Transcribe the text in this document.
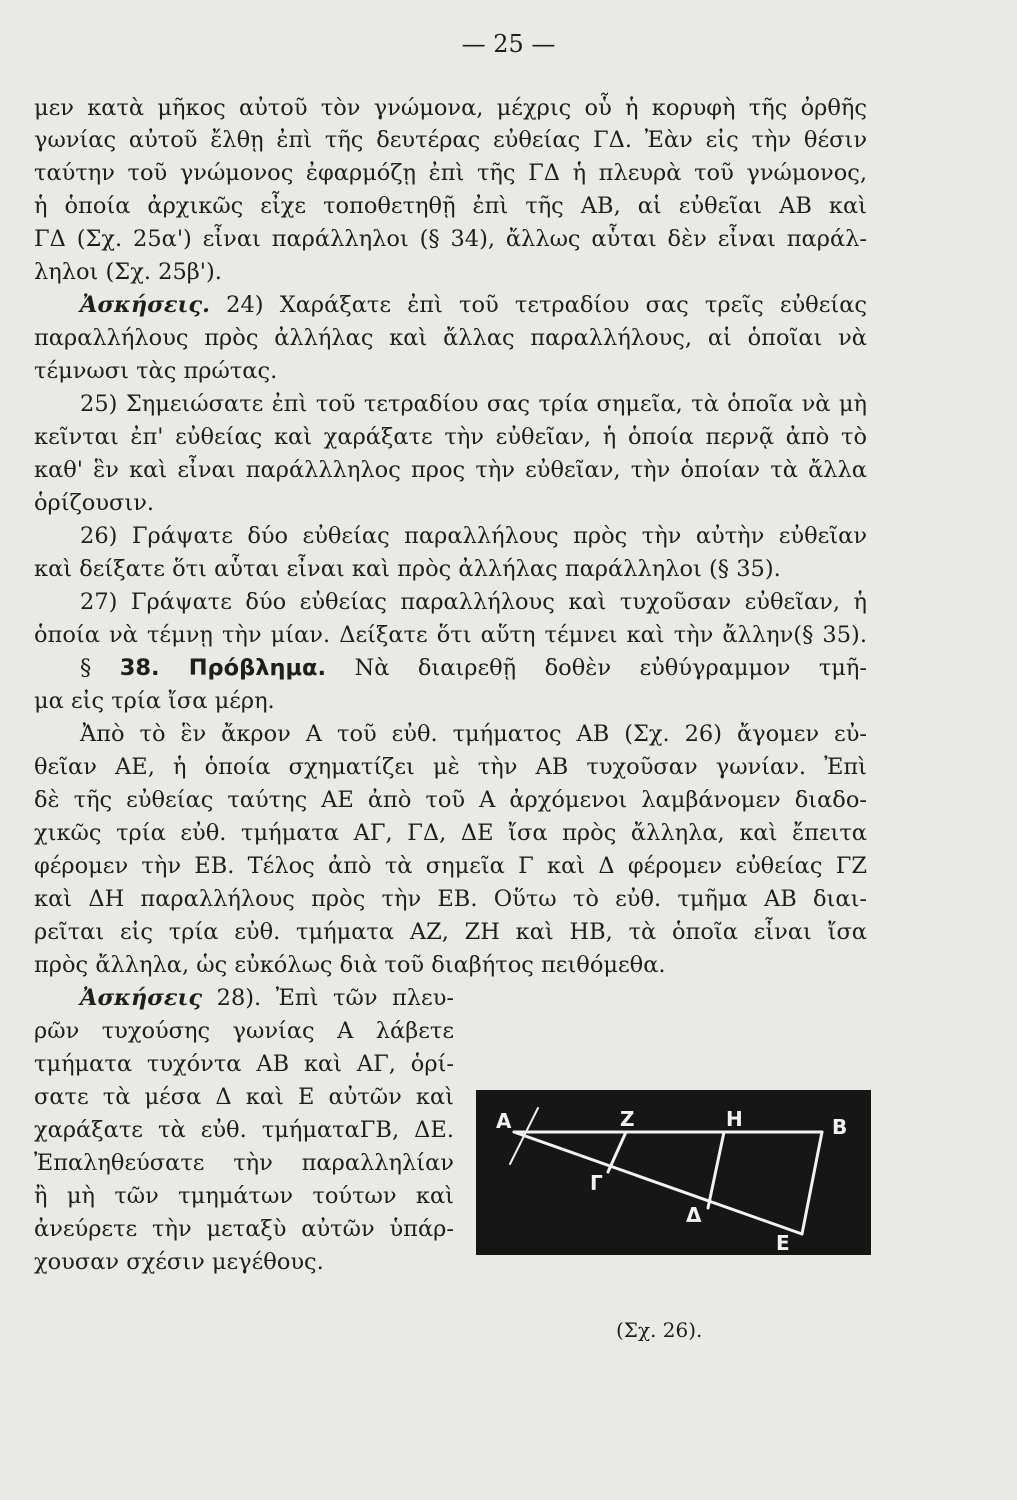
— 25 —
μεν κατὰ μῆκος αὐτοῦ τὸν γνώμονα, μέχρις οὗ ἡ κορυφὴ τῆς ὀρθῆς
γωνίας αὐτοῦ ἔλθῃ ἐπὶ τῆς δευτέρας εὐθείας ΓΔ. Ἐὰν εἰς τὴν θέσιν
ταύτην τοῦ γνώμονος ἐφαρμόζῃ ἐπὶ τῆς ΓΔ ἡ πλευρὰ τοῦ γνώμονος,
ἡ ὁποία ἀρχικῶς εἶχε τοποθετηθῇ ἐπὶ τῆς ΑΒ, αἱ εὐθεῖαι ΑΒ καὶ
ΓΔ (Σχ. 25α') εἶναι παράλληλοι (§ 34), ἄλλως αὗται δὲν εἶναι παράλ-
ληλοι (Σχ. 25β').
Ἀσκήσεις. 24) Χαράξατε ἐπὶ τοῦ τετραδίου σας τρεῖς εὐθείας
παραλλήλους πρὸς ἀλλήλας καὶ ἄλλας παραλλήλους, αἱ ὁποῖαι νὰ
τέμνωσι τὰς πρώτας.
25) Σημειώσατε ἐπὶ τοῦ τετραδίου σας τρία σημεῖα, τὰ ὁποῖα νὰ μὴ
κεῖνται ἐπ' εὐθείας καὶ χαράξατε τὴν εὐθεῖαν, ἡ ὁποία περνᾷ ἀπὸ τὸ
καθ' ἓν καὶ εἶναι παράλλληλος προς τὴν εὐθεῖαν, τὴν ὁποίαν τὰ ἄλλα
ὁρίζουσιν.
26) Γράψατε δύο εὐθείας παραλλήλους πρὸς τὴν αὐτὴν εὐθεῖαν
καὶ δείξατε ὅτι αὗται εἶναι καὶ πρὸς ἀλλήλας παράλληλοι (§ 35).
27) Γράψατε δύο εὐθείας παραλλήλους καὶ τυχοῦσαν εὐθεῖαν, ἡ
ὁποία νὰ τέμνῃ τὴν μίαν. Δείξατε ὅτι αὕτη τέμνει καὶ τὴν ἄλλην(§ 35).
§ 38. Πρόβλημα. Νὰ διαιρεθῇ δοθὲν εὐθύγραμμον τμῆ-
μα εἰς τρία ἴσα μέρη.
Ἀπὸ τὸ ἓν ἄκρον Α τοῦ εὐθ. τμήματος ΑΒ (Σχ. 26) ἄγομεν εὐ-
θεῖαν ΑΕ, ἡ ὁποία σχηματίζει μὲ τὴν ΑΒ τυχοῦσαν γωνίαν. Ἐπὶ
δὲ τῆς εὐθείας ταύτης ΑΕ ἀπὸ τοῦ Α ἀρχόμενοι λαμβάνομεν διαδο-
χικῶς τρία εὐθ. τμήματα ΑΓ, ΓΔ, ΔΕ ἴσα πρὸς ἄλληλα, καὶ ἔπειτα
φέρομεν τὴν ΕΒ. Τέλος ἀπὸ τὰ σημεῖα Γ καὶ Δ φέρομεν εὐθείας ΓΖ
καὶ ΔΗ παραλλήλους πρὸς τὴν ΕΒ. Οὕτω τὸ εὐθ. τμῆμα ΑΒ διαι-
ρεῖται εἰς τρία εὐθ. τμήματα ΑΖ, ΖΗ καὶ ΗΒ, τὰ ὁποῖα εἶναι ἴσα
πρὸς ἄλληλα, ὡς εὐκόλως διὰ τοῦ διαβήτος πειθόμεθα.
Ἀσκήσεις 28). Ἐπὶ τῶν πλευ-
ρῶν τυχούσης γωνίας Α λάβετε
τμήματα τυχόντα ΑΒ καὶ ΑΓ, ὁρί-
σατε τὰ μέσα Δ καὶ Ε αὐτῶν καὶ
χαράξατε τὰ εὐθ. τμήματαΓΒ, ΔΕ.
Ἐπαληθεύσατε τὴν παραλληλίαν
ἢ μὴ τῶν τμημάτων τούτων καὶ
ἀνεύρετε τὴν μεταξὺ αὐτῶν ὑπάρ-
χουσαν σχέσιν μεγέθους.
A	Z	H	B
Γ
Δ
E
(Σχ. 26).
